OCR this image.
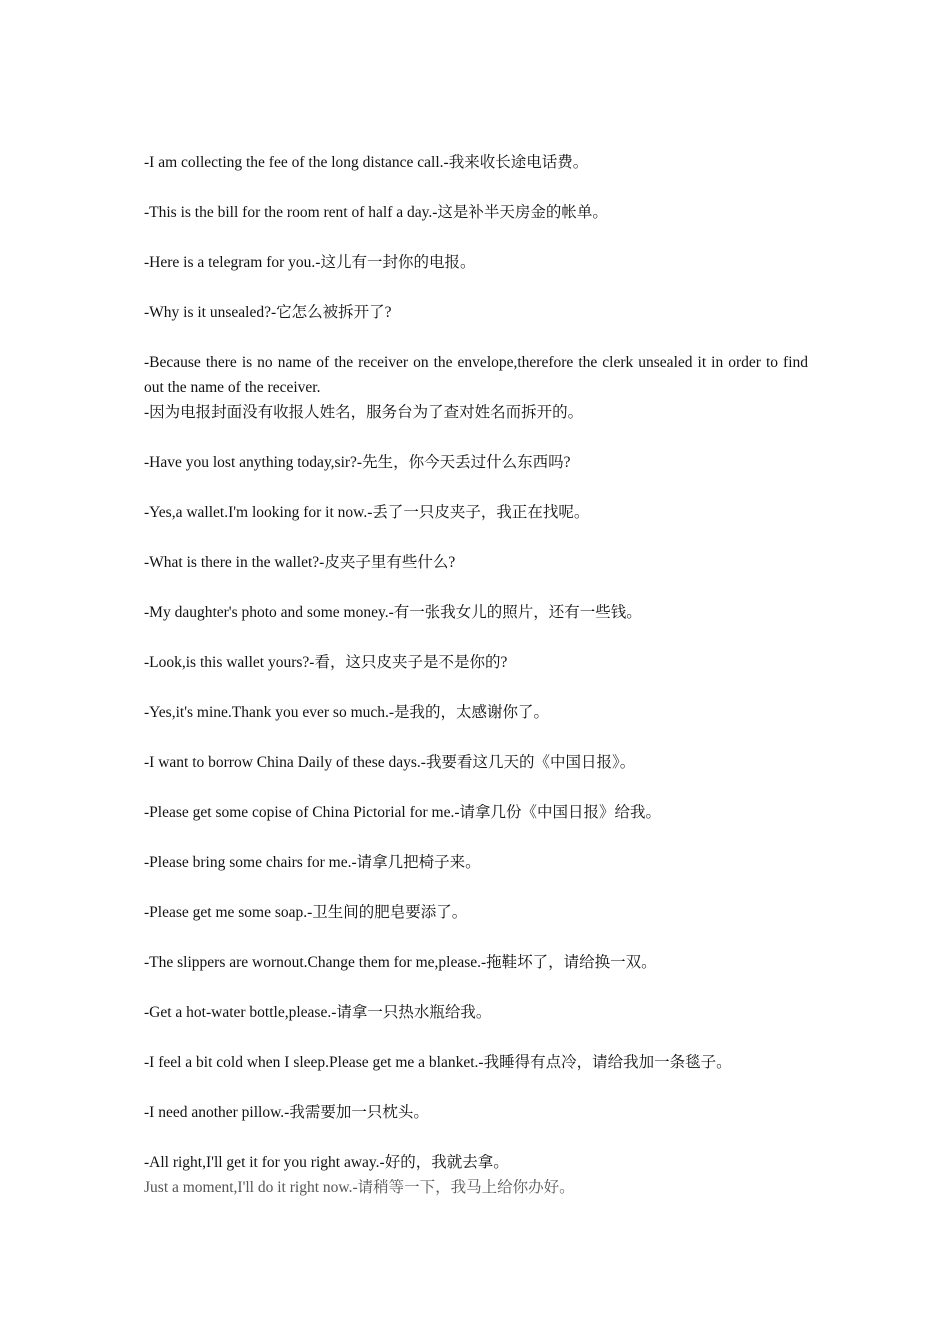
-I am collecting the fee of the long distance call.-我来收长途电话费。

-This is the bill for the room rent of half a day.-这是补半天房金的帐单。

-Here is a telegram for you.-这儿有一封你的电报。

-Why is it unsealed?-它怎么被拆开了?

-Because there is no name of the receiver on the envelope,therefore the clerk unsealed it in order to find out the name of the receiver.
-因为电报封面没有收报人姓名，服务台为了查对姓名而拆开的。

-Have you lost anything today,sir?-先生，你今天丢过什么东西吗?

-Yes,a wallet.I'm looking for it now.-丢了一只皮夹子，我正在找呢。

-What is there in the wallet?-皮夹子里有些什么?

-My daughter's photo and some money.-有一张我女儿的照片，还有一些钱。

-Look,is this wallet yours?-看，这只皮夹子是不是你的?

-Yes,it's mine.Thank you ever so much.-是我的，太感谢你了。

-I want to borrow China Daily of these days.-我要看这几天的《中国日报》。

-Please get some copise of China Pictorial for me.-请拿几份《中国日报》给我。

-Please bring some chairs for me.-请拿几把椅子来。

-Please get me some soap.-卫生间的肥皂要添了。

-The slippers are wornout.Change them for me,please.-拖鞋坏了，请给换一双。

-Get a hot-water bottle,please.-请拿一只热水瓶给我。

-I feel a bit cold when I sleep.Please get me a blanket.-我睡得有点冷，请给我加一条毯子。

-I need another pillow.-我需要加一只枕头。

-All right,I'll get it for you right away.-好的，我就去拿。
Just a moment,I'll do it right now.-请稍等一下，我马上给你办好。
